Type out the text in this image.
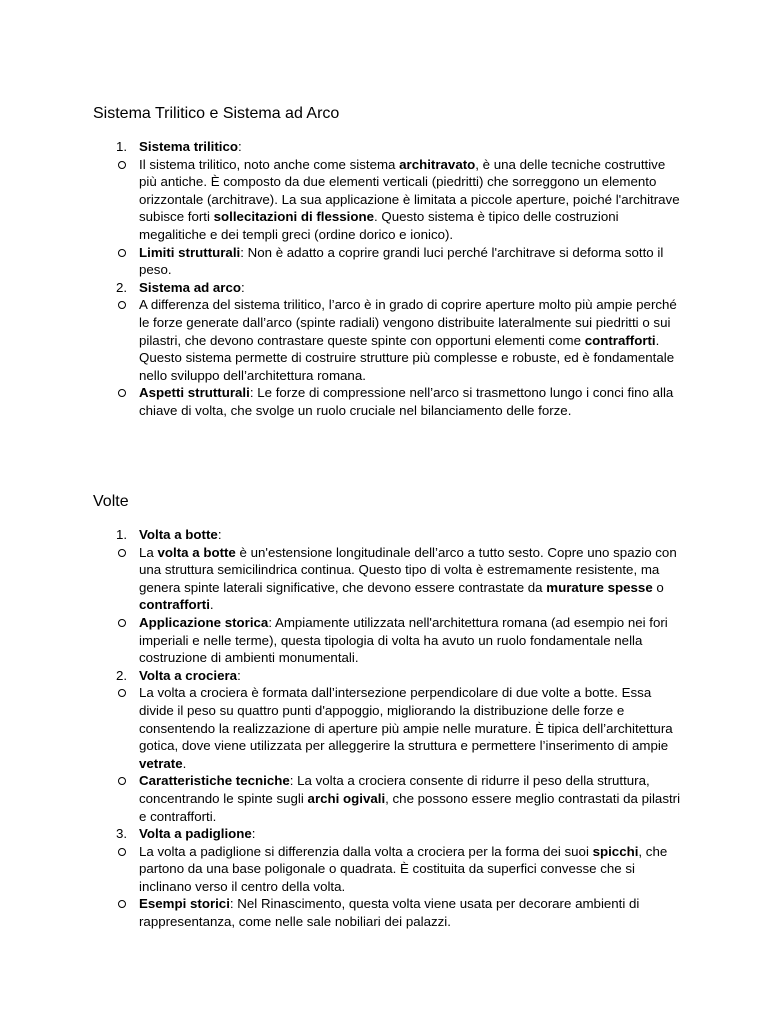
Sistema Trilitico e Sistema ad Arco
1. Sistema trilitico:

Il sistema trilitico, noto anche come sistema architravato, è una delle tecniche costruttive più antiche. È composto da due elementi verticali (piedritti) che sorreggono un elemento orizzontale (architrave). La sua applicazione è limitata a piccole aperture, poiché l'architrave subisce forti sollecitazioni di flessione. Questo sistema è tipico delle costruzioni megalitiche e dei templi greci (ordine dorico e ionico).

Limiti strutturali: Non è adatto a coprire grandi luci perché l'architrave si deforma sotto il peso.

2. Sistema ad arco:

A differenza del sistema trilitico, l’arco è in grado di coprire aperture molto più ampie perché le forze generate dall’arco (spinte radiali) vengono distribuite lateralmente sui piedritti o sui pilastri, che devono contrastare queste spinte con opportuni elementi come contrafforti. Questo sistema permette di costruire strutture più complesse e robuste, ed è fondamentale nello sviluppo dell’architettura romana.

Aspetti strutturali: Le forze di compressione nell’arco si trasmettono lungo i conci fino alla chiave di volta, che svolge un ruolo cruciale nel bilanciamento delle forze.

Volte
1. Volta a botte:

La volta a botte è un'estensione longitudinale dell’arco a tutto sesto. Copre uno spazio con una struttura semicilindrica continua. Questo tipo di volta è estremamente resistente, ma genera spinte laterali significative, che devono essere contrastate da murature spesse o contrafforti.

Applicazione storica: Ampiamente utilizzata nell'architettura romana (ad esempio nei fori imperiali e nelle terme), questa tipologia di volta ha avuto un ruolo fondamentale nella costruzione di ambienti monumentali.

2. Volta a crociera:

La volta a crociera è formata dall’intersezione perpendicolare di due volte a botte. Essa divide il peso su quattro punti d'appoggio, migliorando la distribuzione delle forze e consentendo la realizzazione di aperture più ampie nelle murature. È tipica dell’architettura gotica, dove viene utilizzata per alleggerire la struttura e permettere l’inserimento di ampie vetrate.

Caratteristiche tecniche: La volta a crociera consente di ridurre il peso della struttura, concentrando le spinte sugli archi ogivali, che possono essere meglio contrastati da pilastri e contrafforti.

3. Volta a padiglione:

La volta a padiglione si differenzia dalla volta a crociera per la forma dei suoi spicchi, che partono da una base poligonale o quadrata. È costituita da superfici convesse che si inclinano verso il centro della volta.

Esempi storici: Nel Rinascimento, questa volta viene usata per decorare ambienti di rappresentanza, come nelle sale nobiliari dei palazzi.
